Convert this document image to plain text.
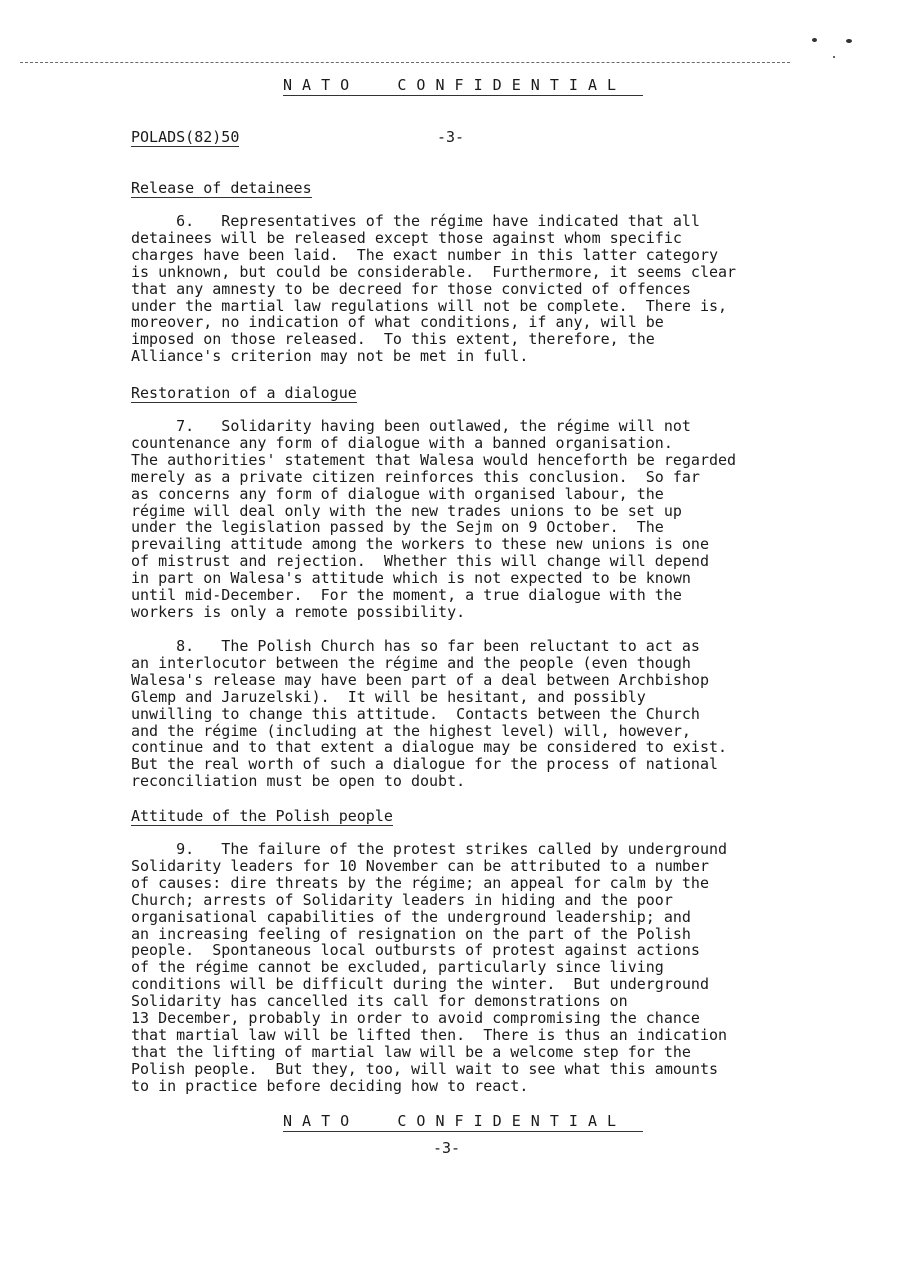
N A T O     C O N F I D E N T I A L
POLADS(82)50	-3-
Release of detainees
6.   Representatives of the régime have indicated that all
detainees will be released except those against whom specific
charges have been laid.  The exact number in this latter category
is unknown, but could be considerable.  Furthermore, it seems clear
that any amnesty to be decreed for those convicted of offences
under the martial law regulations will not be complete.  There is,
moreover, no indication of what conditions, if any, will be
imposed on those released.  To this extent, therefore, the
Alliance's criterion may not be met in full.
Restoration of a dialogue
7.   Solidarity having been outlawed, the régime will not
countenance any form of dialogue with a banned organisation.
The authorities' statement that Walesa would henceforth be regarded
merely as a private citizen reinforces this conclusion.  So far
as concerns any form of dialogue with organised labour, the
régime will deal only with the new trades unions to be set up
under the legislation passed by the Sejm on 9 October.  The
prevailing attitude among the workers to these new unions is one
of mistrust and rejection.  Whether this will change will depend
in part on Walesa's attitude which is not expected to be known
until mid-December.  For the moment, a true dialogue with the
workers is only a remote possibility.
8.   The Polish Church has so far been reluctant to act as
an interlocutor between the régime and the people (even though
Walesa's release may have been part of a deal between Archbishop
Glemp and Jaruzelski).  It will be hesitant, and possibly
unwilling to change this attitude.  Contacts between the Church
and the régime (including at the highest level) will, however,
continue and to that extent a dialogue may be considered to exist.
But the real worth of such a dialogue for the process of national
reconciliation must be open to doubt.
Attitude of the Polish people
9.   The failure of the protest strikes called by underground
Solidarity leaders for 10 November can be attributed to a number
of causes: dire threats by the régime; an appeal for calm by the
Church; arrests of Solidarity leaders in hiding and the poor
organisational capabilities of the underground leadership; and
an increasing feeling of resignation on the part of the Polish
people.  Spontaneous local outbursts of protest against actions
of the régime cannot be excluded, particularly since living
conditions will be difficult during the winter.  But underground
Solidarity has cancelled its call for demonstrations on
13 December, probably in order to avoid compromising the chance
that martial law will be lifted then.  There is thus an indication
that the lifting of martial law will be a welcome step for the
Polish people.  But they, too, will wait to see what this amounts
to in practice before deciding how to react.
N A T O     C O N F I D E N T I A L
-3-
